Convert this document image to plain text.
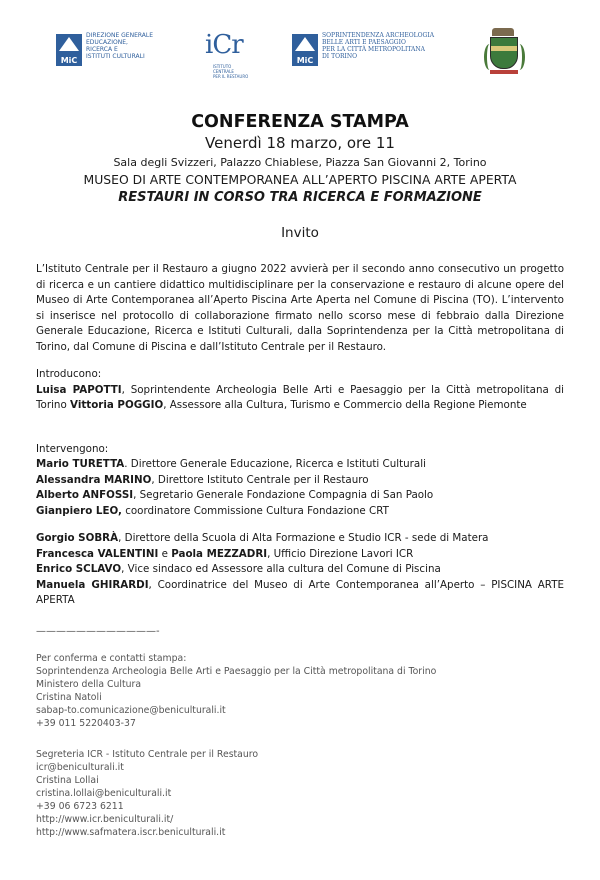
MiC
DIREZIONE GENERALE
EDUCAZIONE,
RICERCA E
ISTITUTI CULTURALI	iCr
ISTITUTO
CENTRALE
PER IL RESTAURO
MiC
SOPRINTENDENZA ARCHEOLOGIA
BELLE ARTI E PAESAGGIO
PER LA CITTÀ METROPOLITANA
DI TORINO
CONFERENZA STAMPA
Venerdì 18 marzo, ore 11
Sala degli Svizzeri, Palazzo Chiablese, Piazza San Giovanni 2, Torino
MUSEO DI ARTE CONTEMPORANEA ALL’APERTO PISCINA ARTE APERTA
RESTAURI IN CORSO TRA RICERCA E FORMAZIONE
Invito

L’Istituto Centrale per il Restauro a giugno 2022 avvierà per il secondo anno consecutivo un progetto di ricerca e un cantiere didattico multidisciplinare per la conservazione e restauro di alcune opere del Museo di Arte Contemporanea all’Aperto Piscina Arte Aperta nel Comune di Piscina (TO). L’intervento si inserisce nel protocollo di collaborazione firmato nello scorso mese di febbraio dalla Direzione Generale Educazione, Ricerca e Istituti Culturali, dalla Soprintendenza per la Città metropolitana di Torino, dal Comune di Piscina e dall’Istituto Centrale per il Restauro.

Introducono:

Luisa PAPOTTI, Soprintendente Archeologia Belle Arti e Paesaggio per la Città metropolitana di Torino Vittoria POGGIO, Assessore alla Cultura, Turismo e Commercio della Regione Piemonte

Intervengono:
Mario TURETTA. Direttore Generale Educazione, Ricerca e Istituti Culturali
Alessandra MARINO, Direttore Istituto Centrale per il Restauro
Alberto ANFOSSI, Segretario Generale Fondazione Compagnia di San Paolo
Gianpiero LEO, coordinatore Commissione Cultura Fondazione CRT
Gorgio SOBRÀ, Direttore della Scuola di Alta Formazione e Studio ICR - sede di Matera
Francesca VALENTINI e Paola MEZZADRI, Ufficio Direzione Lavori ICR
Enrico SCLAVO, Vice sindaco ed Assessore alla cultura del Comune di Piscina
Manuela GHIRARDI, Coordinatrice del Museo di Arte Contemporanea all’Aperto – PISCINA ARTE APERTA
————————————-
Per conferma e contatti stampa:
Soprintendenza Archeologia Belle Arti e Paesaggio per la Città metropolitana di Torino
Ministero della Cultura
Cristina Natoli
sabap-to.comunicazione@beniculturali.it
+39 011 5220403-37
Segreteria ICR - Istituto Centrale per il Restauro
icr@beniculturali.it
Cristina Lollai
cristina.lollai@beniculturali.it
+39 06 6723 6211
http://www.icr.beniculturali.it/
http://www.safmatera.iscr.beniculturali.it
